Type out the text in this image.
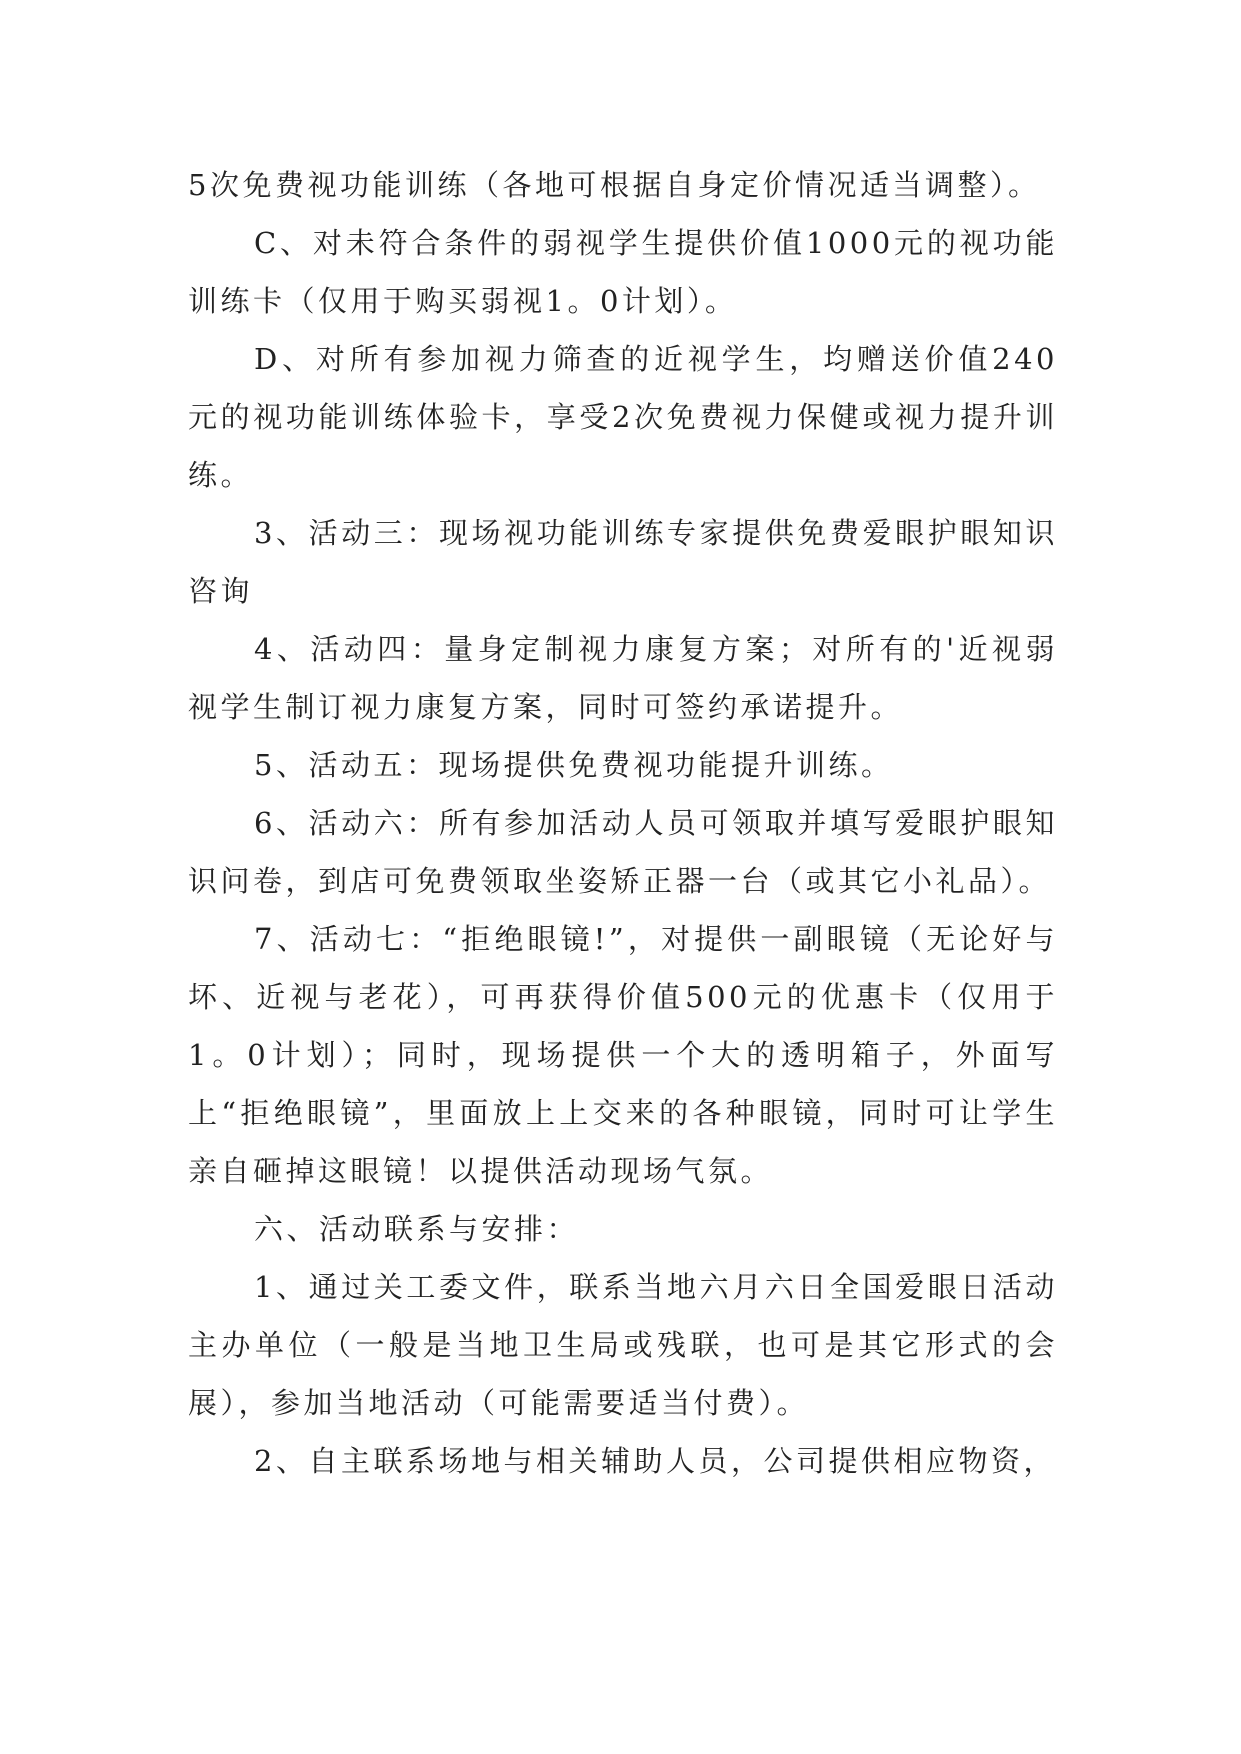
5次免费视功能训练（各地可根据自身定价情况适当调整）。

C、对未符合条件的弱视学生提供价值1000元的视功能训练卡（仅用于购买弱视1。0计划）。

D、对所有参加视力筛查的近视学生，均赠送价值240元的视功能训练体验卡，享受2次免费视力保健或视力提升训练。

3、活动三：现场视功能训练专家提供免费爱眼护眼知识咨询

4、活动四：量身定制视力康复方案；对所有的'近视弱视学生制订视力康复方案，同时可签约承诺提升。

5、活动五：现场提供免费视功能提升训练。

6、活动六：所有参加活动人员可领取并填写爱眼护眼知识问卷，到店可免费领取坐姿矫正器一台（或其它小礼品）。

7、活动七：“拒绝眼镜!”，对提供一副眼镜（无论好与坏、近视与老花），可再获得价值500元的优惠卡（仅用于1。0计划）；同时，现场提供一个大的透明箱子，外面写上“拒绝眼镜”，里面放上上交来的各种眼镜，同时可让学生亲自砸掉这眼镜！以提供活动现场气氛。

六、活动联系与安排：

1、通过关工委文件，联系当地六月六日全国爱眼日活动主办单位（一般是当地卫生局或残联，也可是其它形式的会展），参加当地活动（可能需要适当付费）。

2、自主联系场地与相关辅助人员，公司提供相应物资，
